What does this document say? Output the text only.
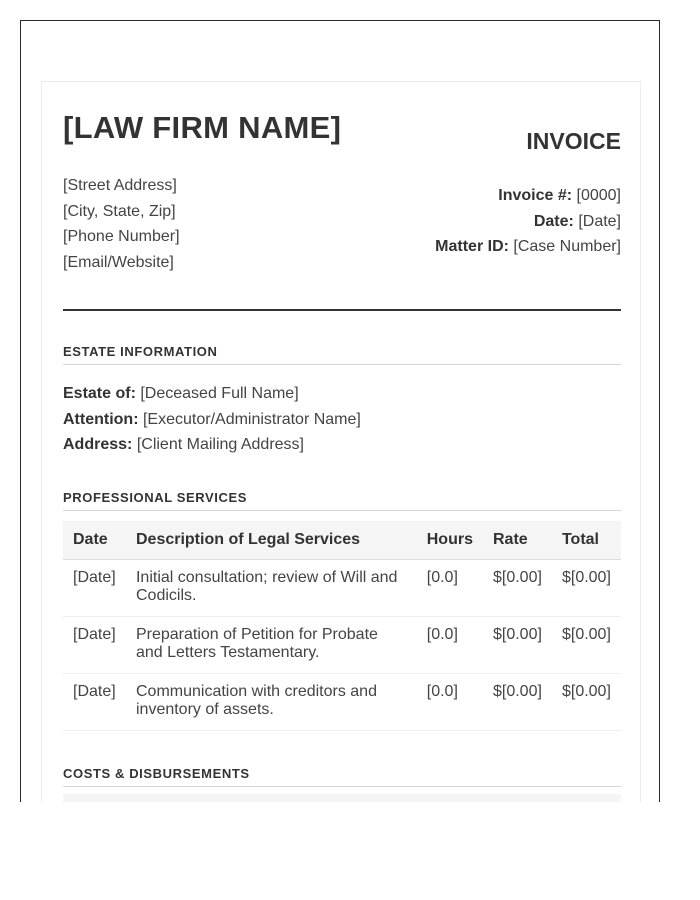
[LAW FIRM NAME]
[Street Address]
[City, State, Zip]
[Phone Number]
[Email/Website]
INVOICE
Invoice #: [0000]
Date: [Date]
Matter ID: [Case Number]
ESTATE INFORMATION
Estate of: [Deceased Full Name]
Attention: [Executor/Administrator Name]
Address: [Client Mailing Address]
PROFESSIONAL SERVICES
Date	Description of Legal Services	Hours	Rate	Total
[Date]	Initial consultation; review of Will and Codicils.	[0.0]	$[0.00]	$[0.00]
[Date]	Preparation of Petition for Probate and Letters Testamentary.	[0.0]	$[0.00]	$[0.00]
[Date]	Communication with creditors and inventory of assets.	[0.0]	$[0.00]	$[0.00]
COSTS & DISBURSEMENTS
